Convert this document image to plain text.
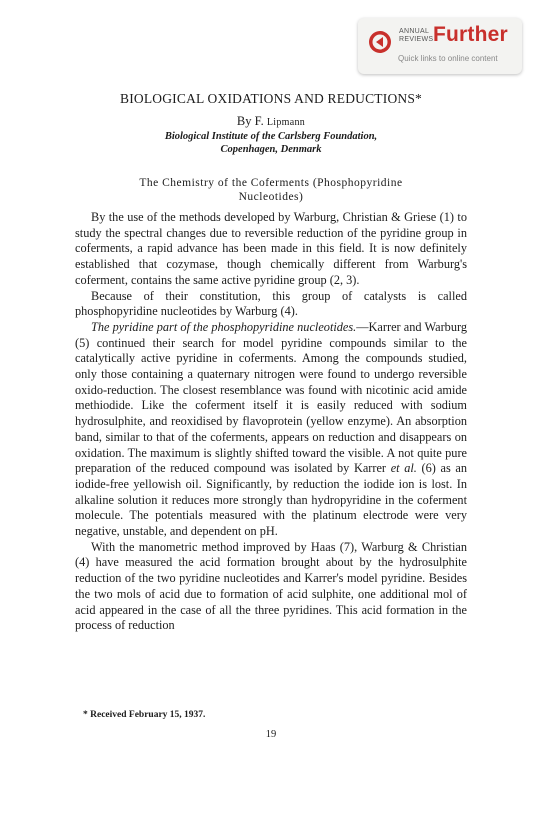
ANNUAL
REVIEWS Further
Quick links to online content
BIOLOGICAL OXIDATIONS AND REDUCTIONS*
By F. Lipmann
Biological Institute of the Carlsberg Foundation,
Copenhagen, Denmark
The Chemistry of the Coferments (Phosphopyridine
Nucleotides)

By the use of the methods developed by Warburg, Christian & Griese (1) to study the spectral changes due to reversible reduction of the pyridine group in coferments, a rapid advance has been made in this field. It is now definitely established that cozymase, though chemically different from Warburg's coferment, contains the same active pyridine group (2, 3).

Because of their constitution, this group of catalysts is called phosphopyridine nucleotides by Warburg (4).

The pyridine part of the phosphopyridine nucleotides.—Karrer and Warburg (5) continued their search for model pyridine compounds similar to the catalytically active pyridine in coferments. Among the compounds studied, only those containing a quaternary nitrogen were found to undergo reversible oxido-reduction. The closest resemblance was found with nicotinic acid amide methiodide. Like the coferment itself it is easily reduced with sodium hydrosulphite, and reoxidised by flavoprotein (yellow enzyme). An absorption band, similar to that of the coferments, appears on reduction and disappears on oxidation. The maximum is slightly shifted toward the visible. A not quite pure preparation of the reduced compound was isolated by Karrer et al. (6) as an iodide-free yellowish oil. Significantly, by reduction the iodide ion is lost. In alkaline solution it reduces more strongly than hydropyridine in the coferment molecule. The potentials measured with the platinum electrode were very negative, unstable, and dependent on pH.

With the manometric method improved by Haas (7), Warburg & Christian (4) have measured the acid formation brought about by the hydrosulphite reduction of the two pyridine nucleotides and Karrer's model pyridine. Besides the two mols of acid due to formation of acid sulphite, one additional mol of acid appeared in the case of all the three pyridines. This acid formation in the process of reduction

* Received February 15, 1937.
19
